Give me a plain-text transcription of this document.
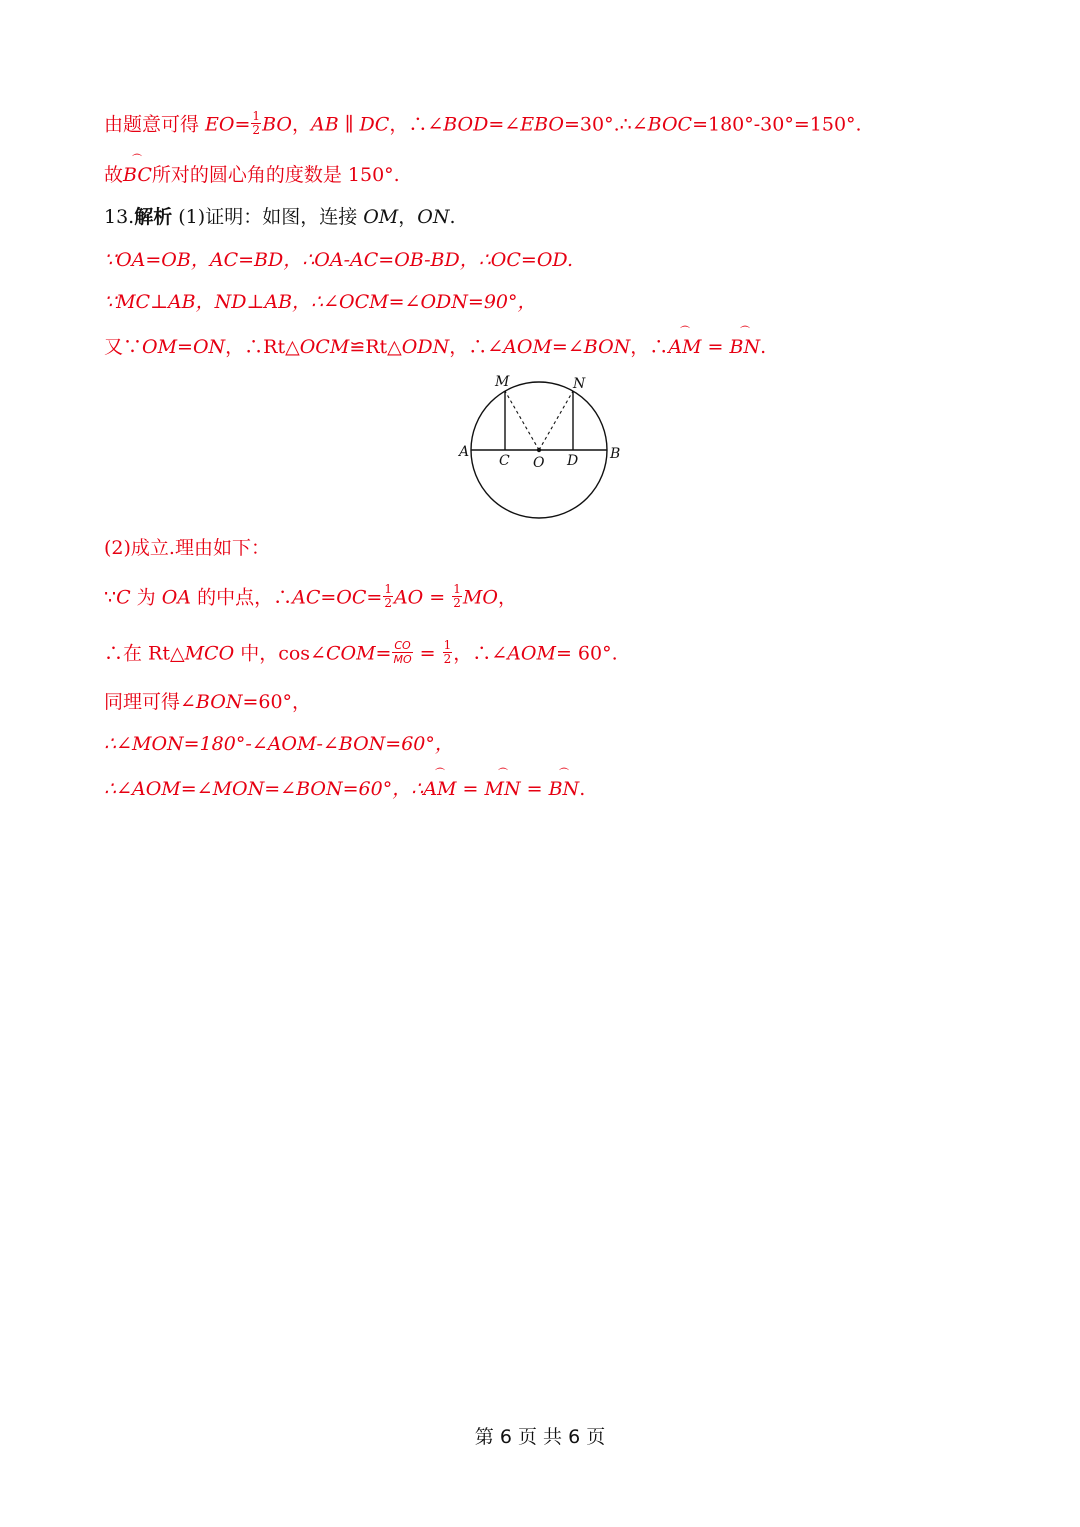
由题意可得 $EO= \frac{1}{2}$ BO，AB ∥ DC，∴∠BOD=∠EBO=30°.∴∠BOC=180°-30°=150°.
故⌒ BC所对的圆心角的度数是 150°.
13.解析 (1)证明：如图，连接 OM，ON.
∵OA=OB，AC=BD，∴OA-AC=OB-BD，∴OC=OD.
∵MC⊥AB，ND⊥AB，∴∠OCM=∠ODN=90°，
又∵OM=ON，∴Rt△OCM≌Rt△ODN，∴∠AOM=∠BON，∴⌒ AM = ⌒ BN.
M	N
A	B
C O D
(2)成立.理由如下：
∵C 为 OA 的中点，∴AC=OC= $\frac{1}{2}$ AO = $\frac{1}{2}$ MO，
∴在 Rt△MCO 中，cos∠COM= $\frac{CO}{MO} = \frac{1}{2}$ ，∴∠AOM= 60°.
同理可得∠BON=60°，
∴∠MON=180°-∠AOM-∠BON=60°，
∴∠AOM=∠MON=∠BON=60°，∴⌒ AM = ⌒ MN = ⌒ BN.
第 6 页 共 6 页
